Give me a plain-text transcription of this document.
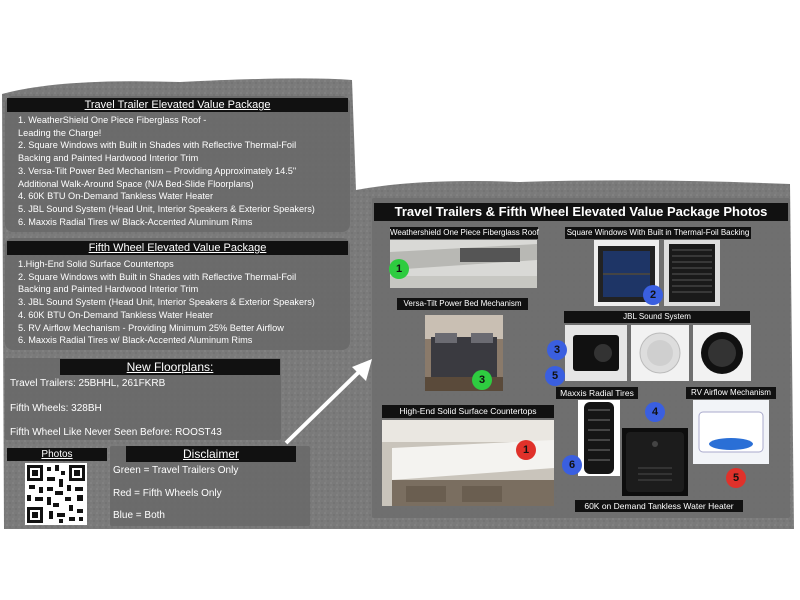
Travel Trailer Elevated Value Package
1. WeatherShield One Piece Fiberglass Roof -
Leading the Charge!
2. Square Windows with Built in Shades with Reflective Thermal-Foil
Backing and Painted Hardwood Interior Trim
3. Versa-Tilt Power Bed Mechanism – Providing Approximately 14.5"
Additional Walk-Around Space (N/A Bed-Slide Floorplans)
4. 60K BTU On-Demand Tankless Water Heater
5. JBL Sound System (Head Unit, Interior Speakers & Exterior Speakers)
6. Maxxis Radial Tires w/ Black-Accented Aluminum Rims
Fifth Wheel Elevated Value Package
1.High-End Solid Surface Countertops
2. Square Windows with Built in Shades with Reflective Thermal-Foil
Backing and Painted Hardwood Interior Trim
3. JBL Sound System (Head Unit, Interior Speakers & Exterior Speakers)
4. 60K BTU On-Demand Tankless Water Heater
5. RV Airflow Mechanism - Providing Minimum 25% Better Airflow
6. Maxxis Radial Tires w/ Black-Accented Aluminum Rims
New Floorplans:
Travel Trailers: 25BHHL, 261FKRB
Fifth Wheels: 328BH
Fifth Wheel Like Never Seen Before: ROOST43
Photos	Disclaimer
Green = Travel Trailers Only
Red = Fifth Wheels Only
Blue = Both
Travel Trailers & Fifth Wheel Elevated Value Package Photos
Weathershield One Piece Fiberglass Roof	Square Windows With Built in Thermal-Foil Backing
Versa-Tilt Power Bed Mechanism
JBL Sound System
High-End Solid Surface Countertops
Maxxis Radial Tires	RV Airflow Mechanism
60K on Demand Tankless Water Heater
1
2
3
3
5
1
4
6
5
